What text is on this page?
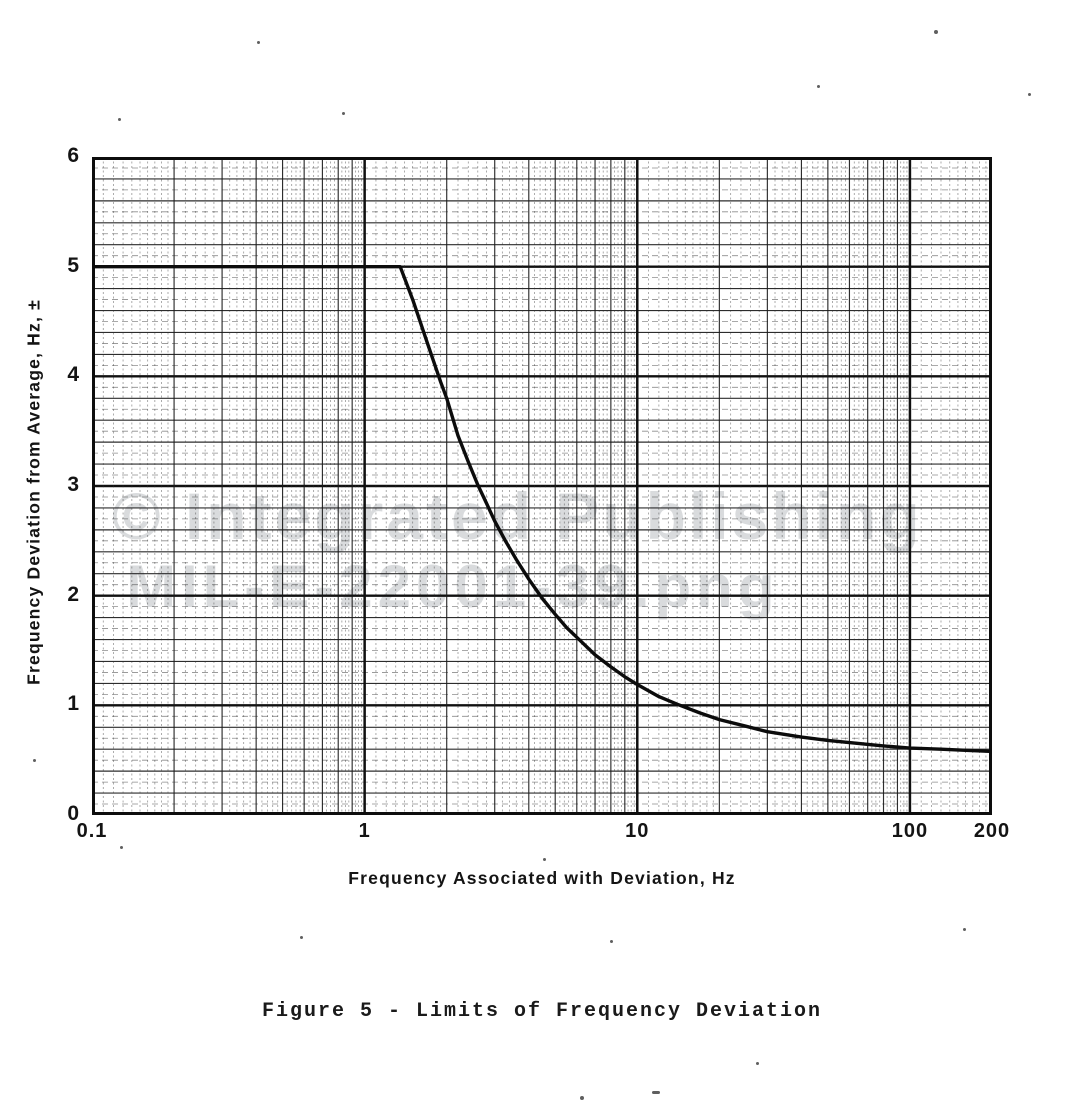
© Integrated Publishing
MIL-E-22001-39.png
0
1
2
3
4
5
6
0.1	1	10	100	200
Frequency Deviation from Average, Hz, ±
Frequency Associated with Deviation, Hz
Figure 5 - Limits of Frequency Deviation
